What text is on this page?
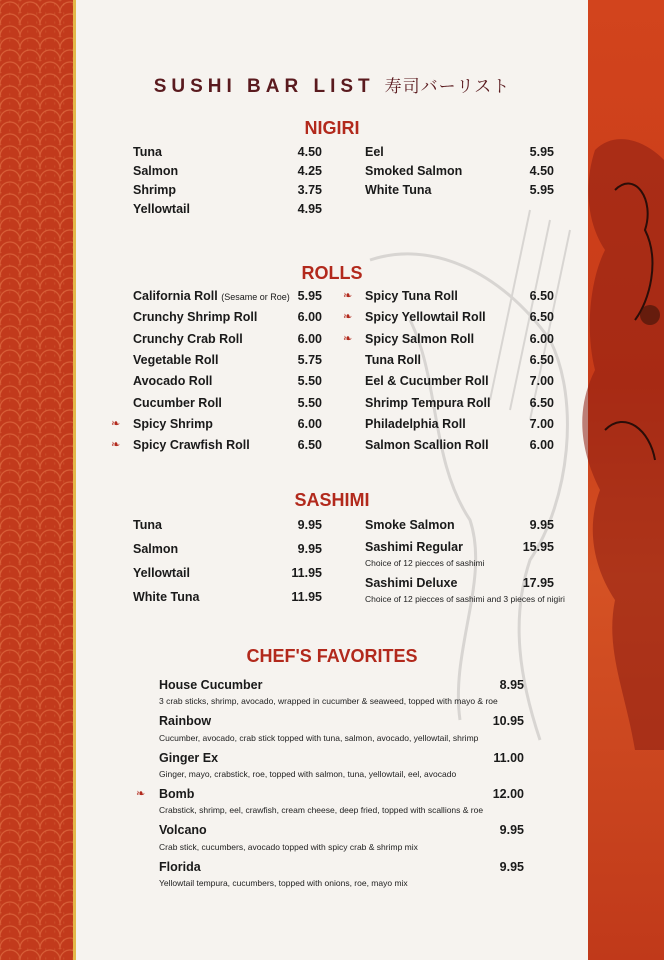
SUSHI BAR LIST 寿司バーリスト
NIGIRI
Tuna	4.50
Salmon	4.25
Shrimp	3.75
Yellowtail	4.95
Eel	5.95
Smoked Salmon	4.50
White Tuna	5.95
ROLLS
California Roll (Sesame or Roe) 5.95
Crunchy Shrimp Roll	6.00
Crunchy Crab Roll	6.00
Vegetable Roll	5.75
Avocado Roll	5.50
Cucumber Roll	5.50
❧ Spicy Shrimp	6.00
❧ Spicy Crawfish Roll	6.50
❧ Spicy Tuna Roll	6.50
❧ Spicy Yellowtail Roll	6.50
❧ Spicy Salmon Roll	6.00
Tuna Roll	6.50
Eel & Cucumber Roll	7.00
Shrimp Tempura Roll	6.50
Philadelphia Roll	7.00
Salmon Scallion Roll	6.00
SASHIMI
Tuna	9.95
Salmon	9.95
Yellowtail	11.95
White Tuna	11.95
Smoke Salmon	9.95
Sashimi Regular	15.95
Choice of 12 piecces of sashimi
Sashimi Deluxe	17.95
Choice of 12 piecces of sashimi and 3 pieces of nigiri
CHEF'S FAVORITES
House Cucumber	8.95
3 crab sticks, shrimp, avocado, wrapped in cucumber & seaweed, topped with mayo & roe
Rainbow	10.95
Cucumber, avocado, crab stick topped with tuna, salmon, avocado, yellowtail, shrimp
Ginger Ex	11.00
Ginger, mayo, crabstick, roe, topped with salmon, tuna, yellowtail, eel, avocado
❧ Bomb	12.00
Crabstick, shrimp, eel, crawfish, cream cheese, deep fried, topped with scallions & roe
Volcano	9.95
Crab stick, cucumbers, avocado topped with spicy crab & shrimp mix
Florida	9.95
Yellowtail tempura, cucumbers, topped with onions, roe, mayo mix
